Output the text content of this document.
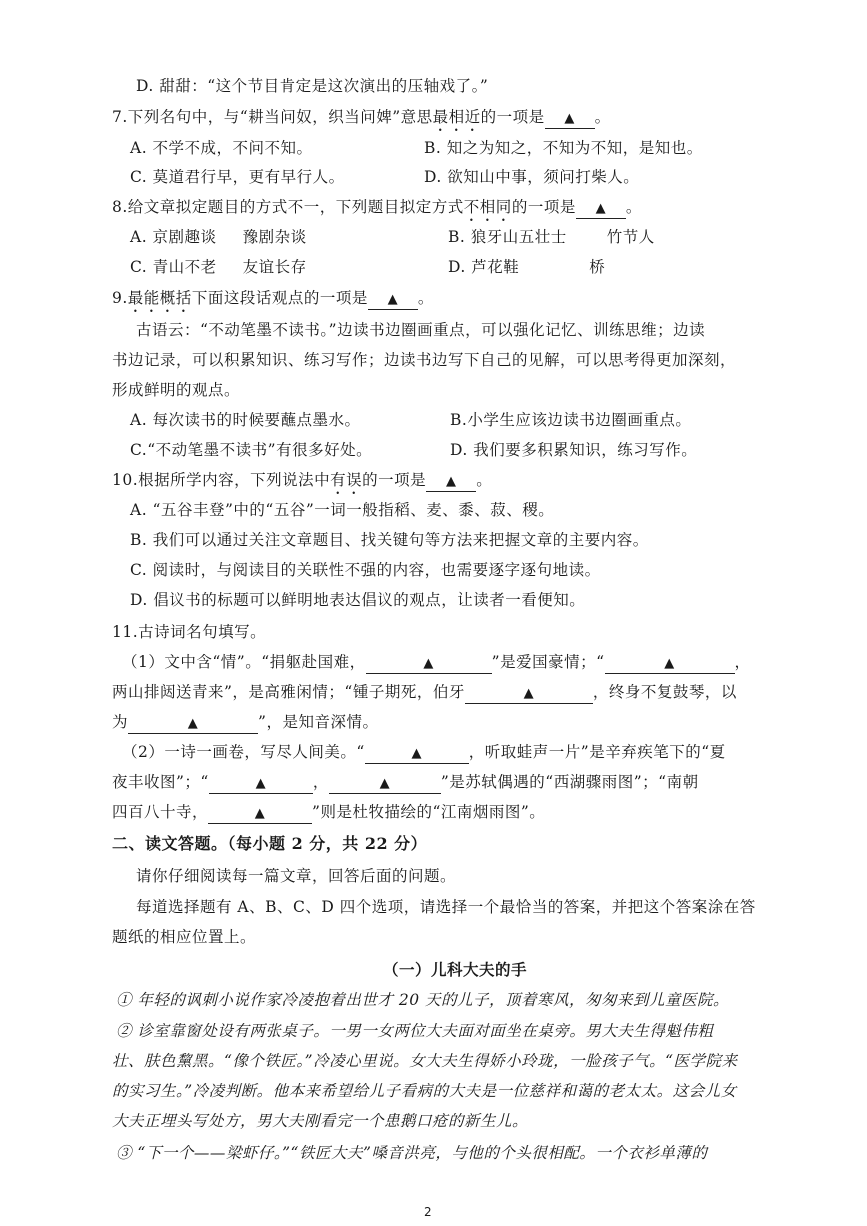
D. 甜甜：“这个节目肯定是这次演出的压轴戏了。”
7.下列名句中，与“耕当问奴，织当问婢”意思最相近的一项是 ▲ 。
A. 不学不成，不问不知。	B. 知之为知之，不知为不知，是知也。
C. 莫道君行早，更有早行人。	D. 欲知山中事，须问打柴人。
8.给文章拟定题目的方式不一，下列题目拟定方式不相同的一项是 ▲ 。
A. 京剧趣谈 豫剧杂谈	B. 狼牙山五壮士	竹节人
C. 青山不老 友谊长存	D. 芦花鞋	桥
9.最能概括下面这段话观点的一项是 ▲ 。
古语云：“不动笔墨不读书。”边读书边圈画重点，可以强化记忆、训练思维；边读
书边记录，可以积累知识、练习写作；边读书边写下自己的见解，可以思考得更加深刻，
形成鲜明的观点。
A. 每次读书的时候要蘸点墨水。	B.小学生应该边读书边圈画重点。
C.“不动笔墨不读书”有很多好处。	D. 我们要多积累知识，练习写作。
10.根据所学内容，下列说法中有误的一项是 ▲ 。
A. “五谷丰登”中的“五谷”一词一般指稻、麦、黍、菽、稷。
B. 我们可以通过关注文章题目、找关键句等方法来把握文章的主要内容。
C. 阅读时，与阅读目的关联性不强的内容，也需要逐字逐句地读。
D. 倡议书的标题可以鲜明地表达倡议的观点，让读者一看便知。
11.古诗词名句填写。
（1）文中含“情”。“捐躯赴国难，	▲	”是爱国豪情；“	▲	，
两山排闼送青来”，是高雅闲情；“锺子期死，伯牙	▲	，终身不复鼓琴，以
为	▲	”，是知音深情。
（2）一诗一画卷，写尽人间美。“	▲	，听取蛙声一片”是辛弃疾笔下的“夏
夜丰收图”；“	▲	，	▲	”是苏轼偶遇的“西湖骤雨图”；“南朝
四百八十寺，	▲	”则是杜牧描绘的“江南烟雨图”。
二、读文答题。（每小题 2 分，共 22 分）
请你仔细阅读每一篇文章，回答后面的问题。
每道选择题有 A、B、C、D 四个选项，请选择一个最恰当的答案，并把这个答案涂在答
题纸的相应位置上。
（一）儿科大夫的手
① 年轻的讽刺小说作家冷凌抱着出世才 20 天的儿子，顶着寒风，匆匆来到儿童医院。
② 诊室靠窗处设有两张桌子。一男一女两位大夫面对面坐在桌旁。男大夫生得魁伟粗
壮、肤色黧黑。“像个铁匠。”冷凌心里说。女大夫生得娇小玲珑，一脸孩子气。“医学院来
的实习生。”冷凌判断。他本来希望给儿子看病的大夫是一位慈祥和蔼的老太太。这会儿女
大夫正埋头写处方，男大夫刚看完一个患鹅口疮的新生儿。
③ “下一个——梁虾仔。”“铁匠大夫”嗓音洪亮，与他的个头很相配。一个衣衫单薄的
2
